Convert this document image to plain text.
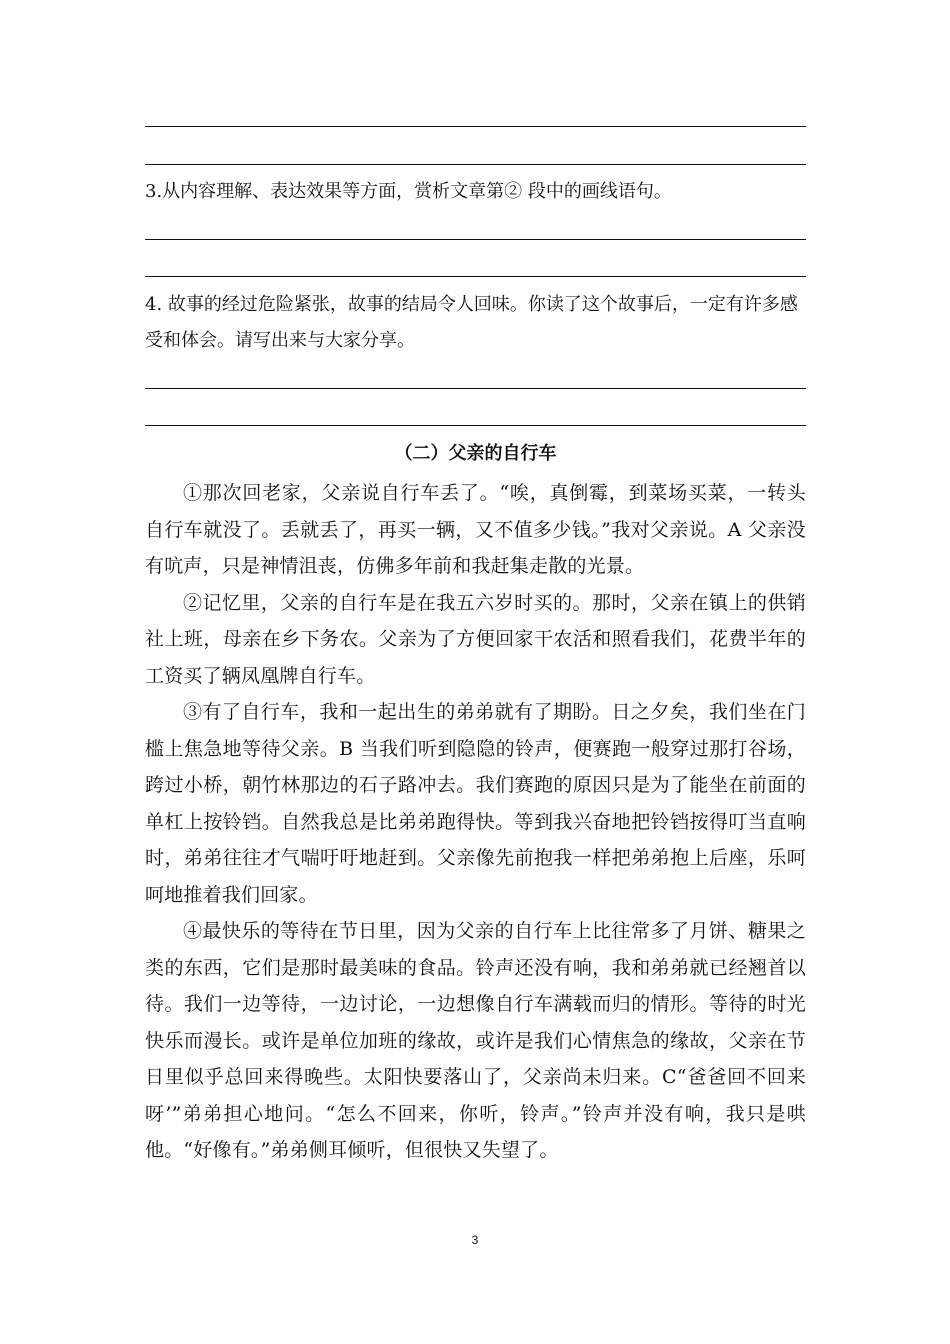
3.从内容理解、表达效果等方面，赏析文章第② 段中的画线语句。

4. 故事的经过危险紧张，故事的结局令人回味。你读了这个故事后，一定有许多感受和体会。请写出来与大家分享。

（二）父亲的自行车

①那次回老家，父亲说自行车丢了。“唉，真倒霉，到菜场买菜，一转头自行车就没了。丢就丢了，再买一辆，又不值多少钱。”我对父亲说。A 父亲没有吭声，只是神情沮丧，仿佛多年前和我赶集走散的光景。

②记忆里，父亲的自行车是在我五六岁时买的。那时，父亲在镇上的供销社上班，母亲在乡下务农。父亲为了方便回家干农活和照看我们，花费半年的工资买了辆凤凰牌自行车。

③有了自行车，我和一起出生的弟弟就有了期盼。日之夕矣，我们坐在门槛上焦急地等待父亲。B 当我们听到隐隐的铃声，便赛跑一般穿过那打谷场，跨过小桥，朝竹林那边的石子路冲去。我们赛跑的原因只是为了能坐在前面的单杠上按铃铛。自然我总是比弟弟跑得快。等到我兴奋地把铃铛按得叮当直响时，弟弟往往才气喘吁吁地赶到。父亲像先前抱我一样把弟弟抱上后座，乐呵呵地推着我们回家。

④最快乐的等待在节日里，因为父亲的自行车上比往常多了月饼、糖果之类的东西，它们是那时最美味的食品。铃声还没有响，我和弟弟就已经翘首以待。我们一边等待，一边讨论，一边想像自行车满载而归的情形。等待的时光快乐而漫长。或许是单位加班的缘故，或许是我们心情焦急的缘故，父亲在节日里似乎总回来得晚些。太阳快要落山了，父亲尚未归来。C“爸爸回不回来呀’”弟弟担心地问。“怎么不回来，你听，铃声。”铃声并没有响，我只是哄他。“好像有。”弟弟侧耳倾听，但很快又失望了。

3
